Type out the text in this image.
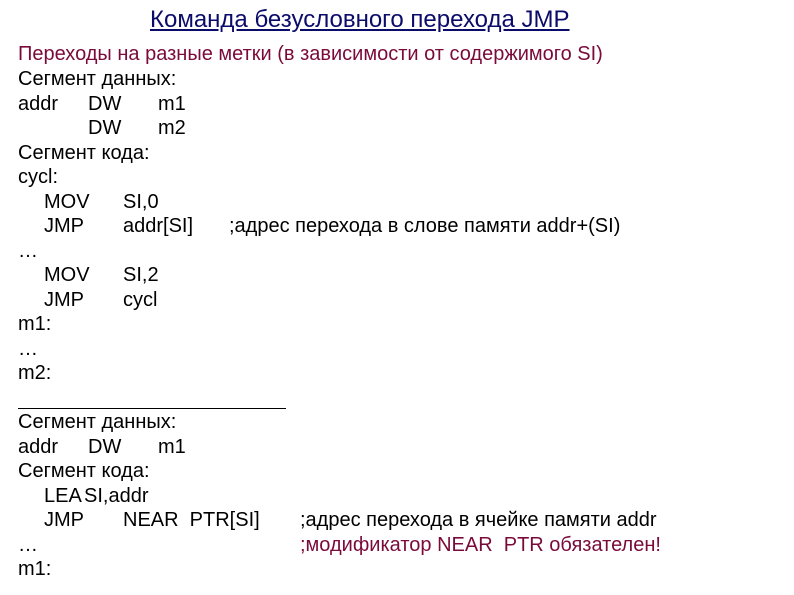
Команда безусловного перехода JMP
Переходы на разные метки (в зависимости от содержимого SI)
Сегмент данных:
addr DW m1
DW m2
Сегмент кода:
cycl:
MOV SI,0
JMP addr[SI] ;адрес перехода в слове памяти addr+(SI)
…
MOV SI,2
JMP cycl
m1:
…
m2:
Сегмент данных:
addr DW m1
Сегмент кода:
LEA SI,addr
JMP NEAR  PTR[SI] ;адрес перехода в ячейке памяти addr
…	;модификатор NEAR  PTR обязателен!
m1:
